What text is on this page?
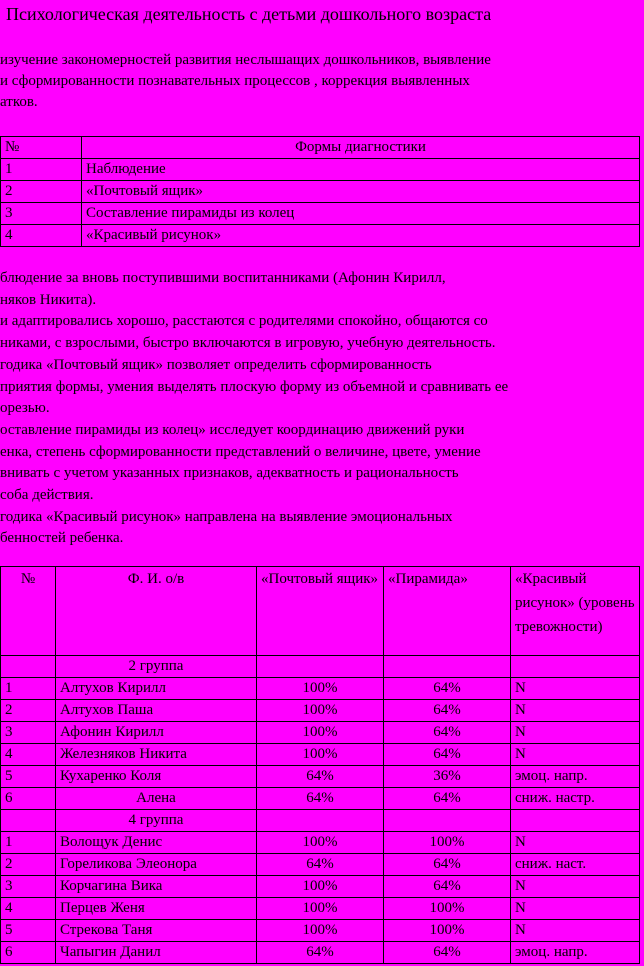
Психологическая деятельность с детьми дошкольного возраста
изучение закономерностей развития неслышащих дошкольников, выявление
и сформированности познавательных процессов , коррекция выявленных
атков.
№	Формы диагностики
1	Наблюдение
2	«Почтовый ящик»
3	Составление пирамиды из колец
4	«Красивый рисунок»
блюдение за вновь поступившими воспитанниками (Афонин Кирилл,
няков Никита).
и адаптировались хорошо, расстаются с родителями спокойно, общаются со
никами, с взрослыми, быстро включаются в игровую, учебную деятельность.
годика «Почтовый ящик» позволяет определить сформированность
приятия формы, умения выделять плоскую форму из объемной и сравнивать ее
орезью.
оставление пирамиды из колец» исследует координацию движений руки
енка, степень сформированности представлений о величине, цвете, умение
внивать с учетом указанных признаков, адекватность и рациональность
соба действия.
годика «Красивый рисунок» направлена на выявление эмоциональных
бенностей ребенка.
№	Ф. И. о/в	«Почтовый ящик»	«Пирамида»	«Красивый рисунок» (уровень тревожности)
	2 группа			
1	Алтухов Кирилл	100%	64%	N
2	Алтухов Паша	100%	64%	N
3	Афонин Кирилл	100%	64%	N
4	Железняков Никита	100%	64%	N
5	Кухаренко Коля	64%	36%	эмоц. напр.
6	Алена	64%	64%	сниж. настр.
	4 группа			
1	Волощук Денис	100%	100%	N
2	Гореликова Элеонора	64%	64%	сниж. наст.
3	Корчагина Вика	100%	64%	N
4	Перцев Женя	100%	100%	N
5	Стрекова Таня	100%	100%	N
6	Чапыгин Данил	64%	64%	эмоц. напр.
